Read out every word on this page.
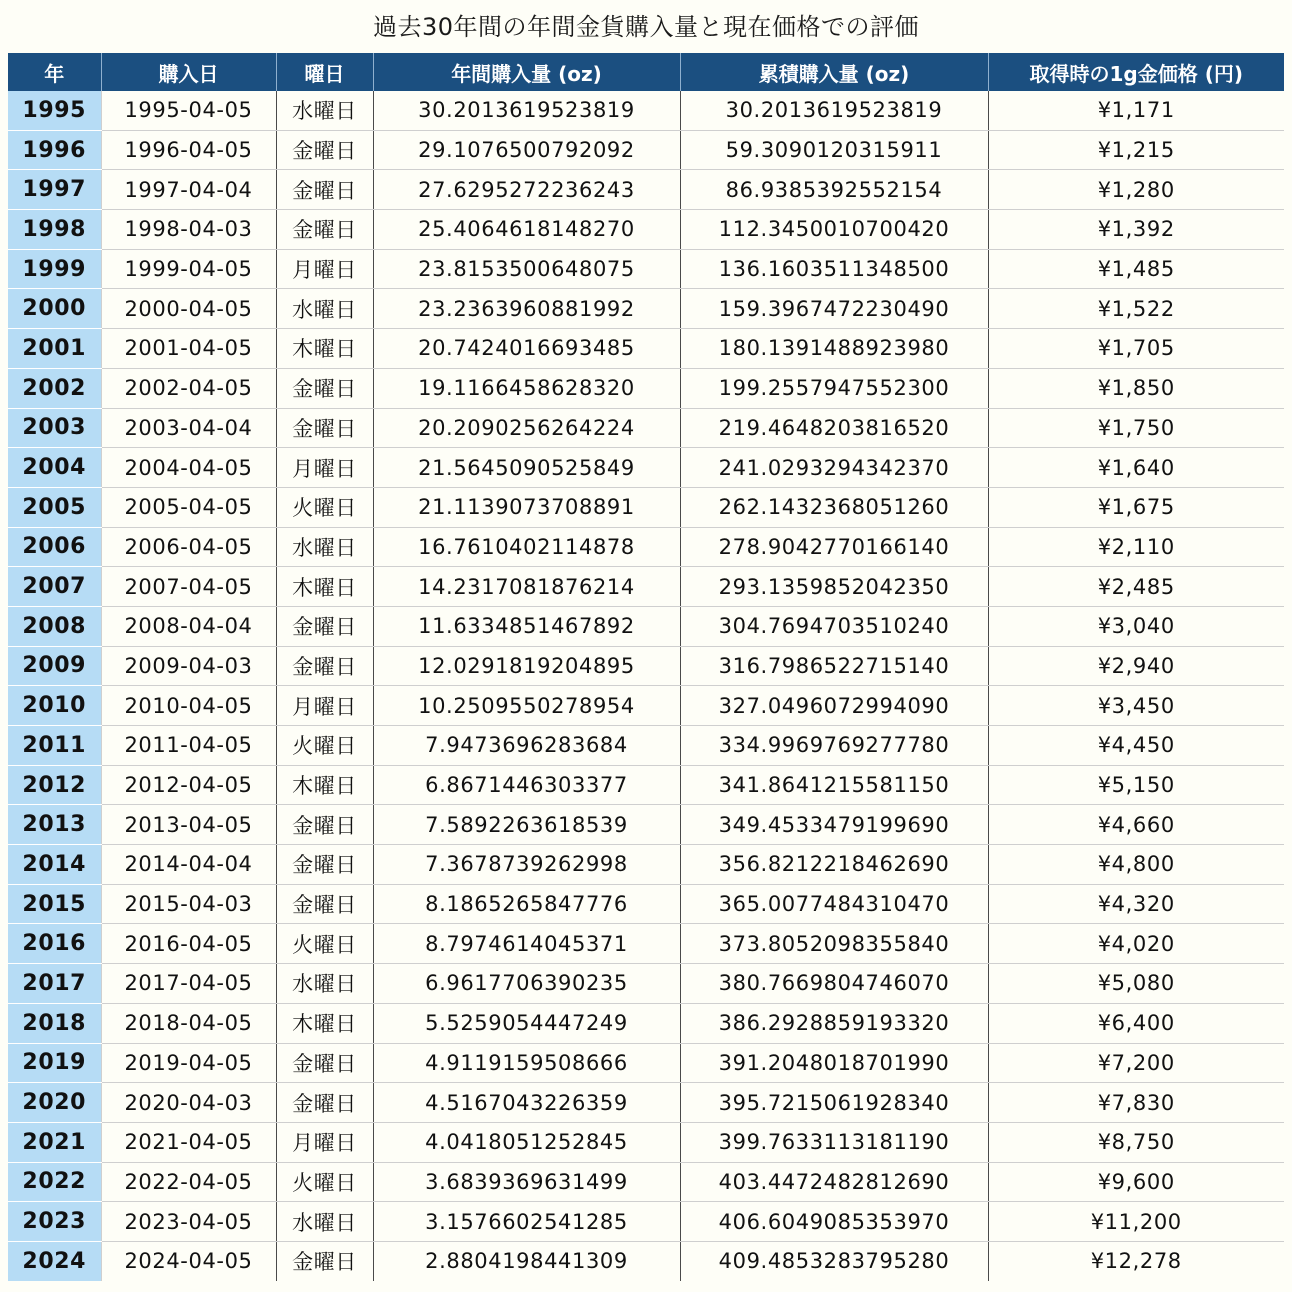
過去30年間の年間金貨購入量と現在価格での評価
年	購入日	曜日	年間購入量 (oz)	累積購入量 (oz)	取得時の1g金価格 (円)
1995	1995-04-05	水曜日	30.2013619523819	30.2013619523819	¥1,171
1996	1996-04-05	金曜日	29.1076500792092	59.3090120315911	¥1,215
1997	1997-04-04	金曜日	27.6295272236243	86.9385392552154	¥1,280
1998	1998-04-03	金曜日	25.4064618148270	112.3450010700420	¥1,392
1999	1999-04-05	月曜日	23.8153500648075	136.1603511348500	¥1,485
2000	2000-04-05	水曜日	23.2363960881992	159.3967472230490	¥1,522
2001	2001-04-05	木曜日	20.7424016693485	180.1391488923980	¥1,705
2002	2002-04-05	金曜日	19.1166458628320	199.2557947552300	¥1,850
2003	2003-04-04	金曜日	20.2090256264224	219.4648203816520	¥1,750
2004	2004-04-05	月曜日	21.5645090525849	241.0293294342370	¥1,640
2005	2005-04-05	火曜日	21.1139073708891	262.1432368051260	¥1,675
2006	2006-04-05	水曜日	16.7610402114878	278.9042770166140	¥2,110
2007	2007-04-05	木曜日	14.2317081876214	293.1359852042350	¥2,485
2008	2008-04-04	金曜日	11.6334851467892	304.7694703510240	¥3,040
2009	2009-04-03	金曜日	12.0291819204895	316.7986522715140	¥2,940
2010	2010-04-05	月曜日	10.2509550278954	327.0496072994090	¥3,450
2011	2011-04-05	火曜日	7.9473696283684	334.9969769277780	¥4,450
2012	2012-04-05	木曜日	6.8671446303377	341.8641215581150	¥5,150
2013	2013-04-05	金曜日	7.5892263618539	349.4533479199690	¥4,660
2014	2014-04-04	金曜日	7.3678739262998	356.8212218462690	¥4,800
2015	2015-04-03	金曜日	8.1865265847776	365.0077484310470	¥4,320
2016	2016-04-05	火曜日	8.7974614045371	373.8052098355840	¥4,020
2017	2017-04-05	水曜日	6.9617706390235	380.7669804746070	¥5,080
2018	2018-04-05	木曜日	5.5259054447249	386.2928859193320	¥6,400
2019	2019-04-05	金曜日	4.9119159508666	391.2048018701990	¥7,200
2020	2020-04-03	金曜日	4.5167043226359	395.7215061928340	¥7,830
2021	2021-04-05	月曜日	4.0418051252845	399.7633113181190	¥8,750
2022	2022-04-05	火曜日	3.6839369631499	403.4472482812690	¥9,600
2023	2023-04-05	水曜日	3.1576602541285	406.6049085353970	¥11,200
2024	2024-04-05	金曜日	2.8804198441309	409.4853283795280	¥12,278
